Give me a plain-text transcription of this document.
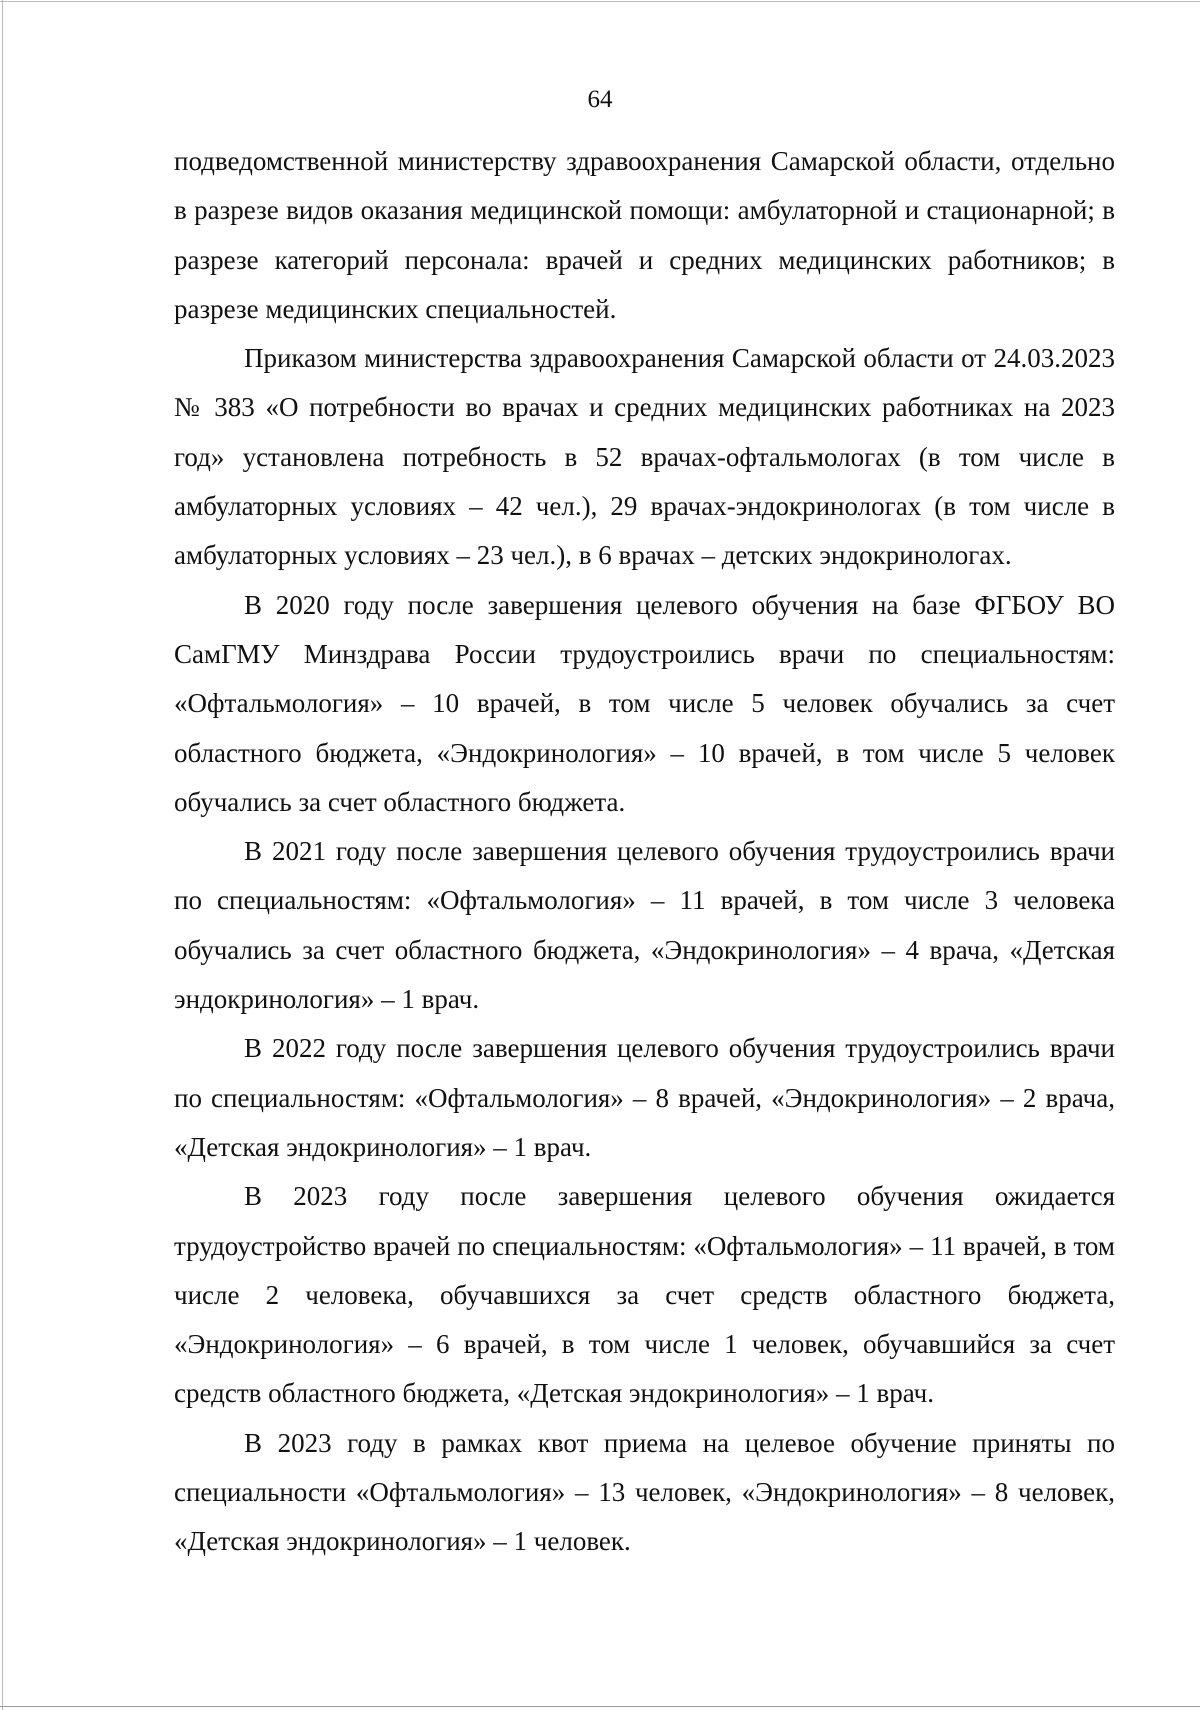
64

подведомственной министерству здравоохранения Самарской области, отдельно в разрезе видов оказания медицинской помощи: амбулаторной и стационарной; в разрезе категорий персонала: врачей и средних медицинских работников; в разрезе медицинских специальностей.

Приказом министерства здравоохранения Самарской области от 24.03.2023 № 383 «О потребности во врачах и средних медицинских работниках на 2023 год» установлена потребность в 52 врачах-офтальмологах (в том числе в амбулаторных условиях – 42 чел.), 29 врачах-эндокринологах (в том числе в амбулаторных условиях – 23 чел.), в 6 врачах – детских эндокринологах.

В 2020 году после завершения целевого обучения на базе ФГБОУ ВО СамГМУ Минздрава России трудоустроились врачи по специальностям: «Офтальмология» – 10 врачей, в том числе 5 человек обучались за счет областного бюджета, «Эндокринология» – 10 врачей, в том числе 5 человек обучались за счет областного бюджета.

В 2021 году после завершения целевого обучения трудоустроились врачи по специальностям: «Офтальмология» – 11 врачей, в том числе 3 человека обучались за счет областного бюджета, «Эндокринология» – 4 врача, «Детская эндокринология» – 1 врач.

В 2022 году после завершения целевого обучения трудоустроились врачи по специальностям: «Офтальмология» – 8 врачей, «Эндокринология» – 2 врача, «Детская эндокринология» – 1 врач.

В 2023 году после завершения целевого обучения ожидается трудоустройство врачей по специальностям: «Офтальмология» – 11 врачей, в том числе 2 человека, обучавшихся за счет средств областного бюджета, «Эндокринология» – 6 врачей, в том числе 1 человек, обучавшийся за счет средств областного бюджета, «Детская эндокринология» – 1 врач.

В 2023 году в рамках квот приема на целевое обучение приняты по специальности «Офтальмология» – 13 человек, «Эндокринология» – 8 человек, «Детская эндокринология» – 1 человек.
